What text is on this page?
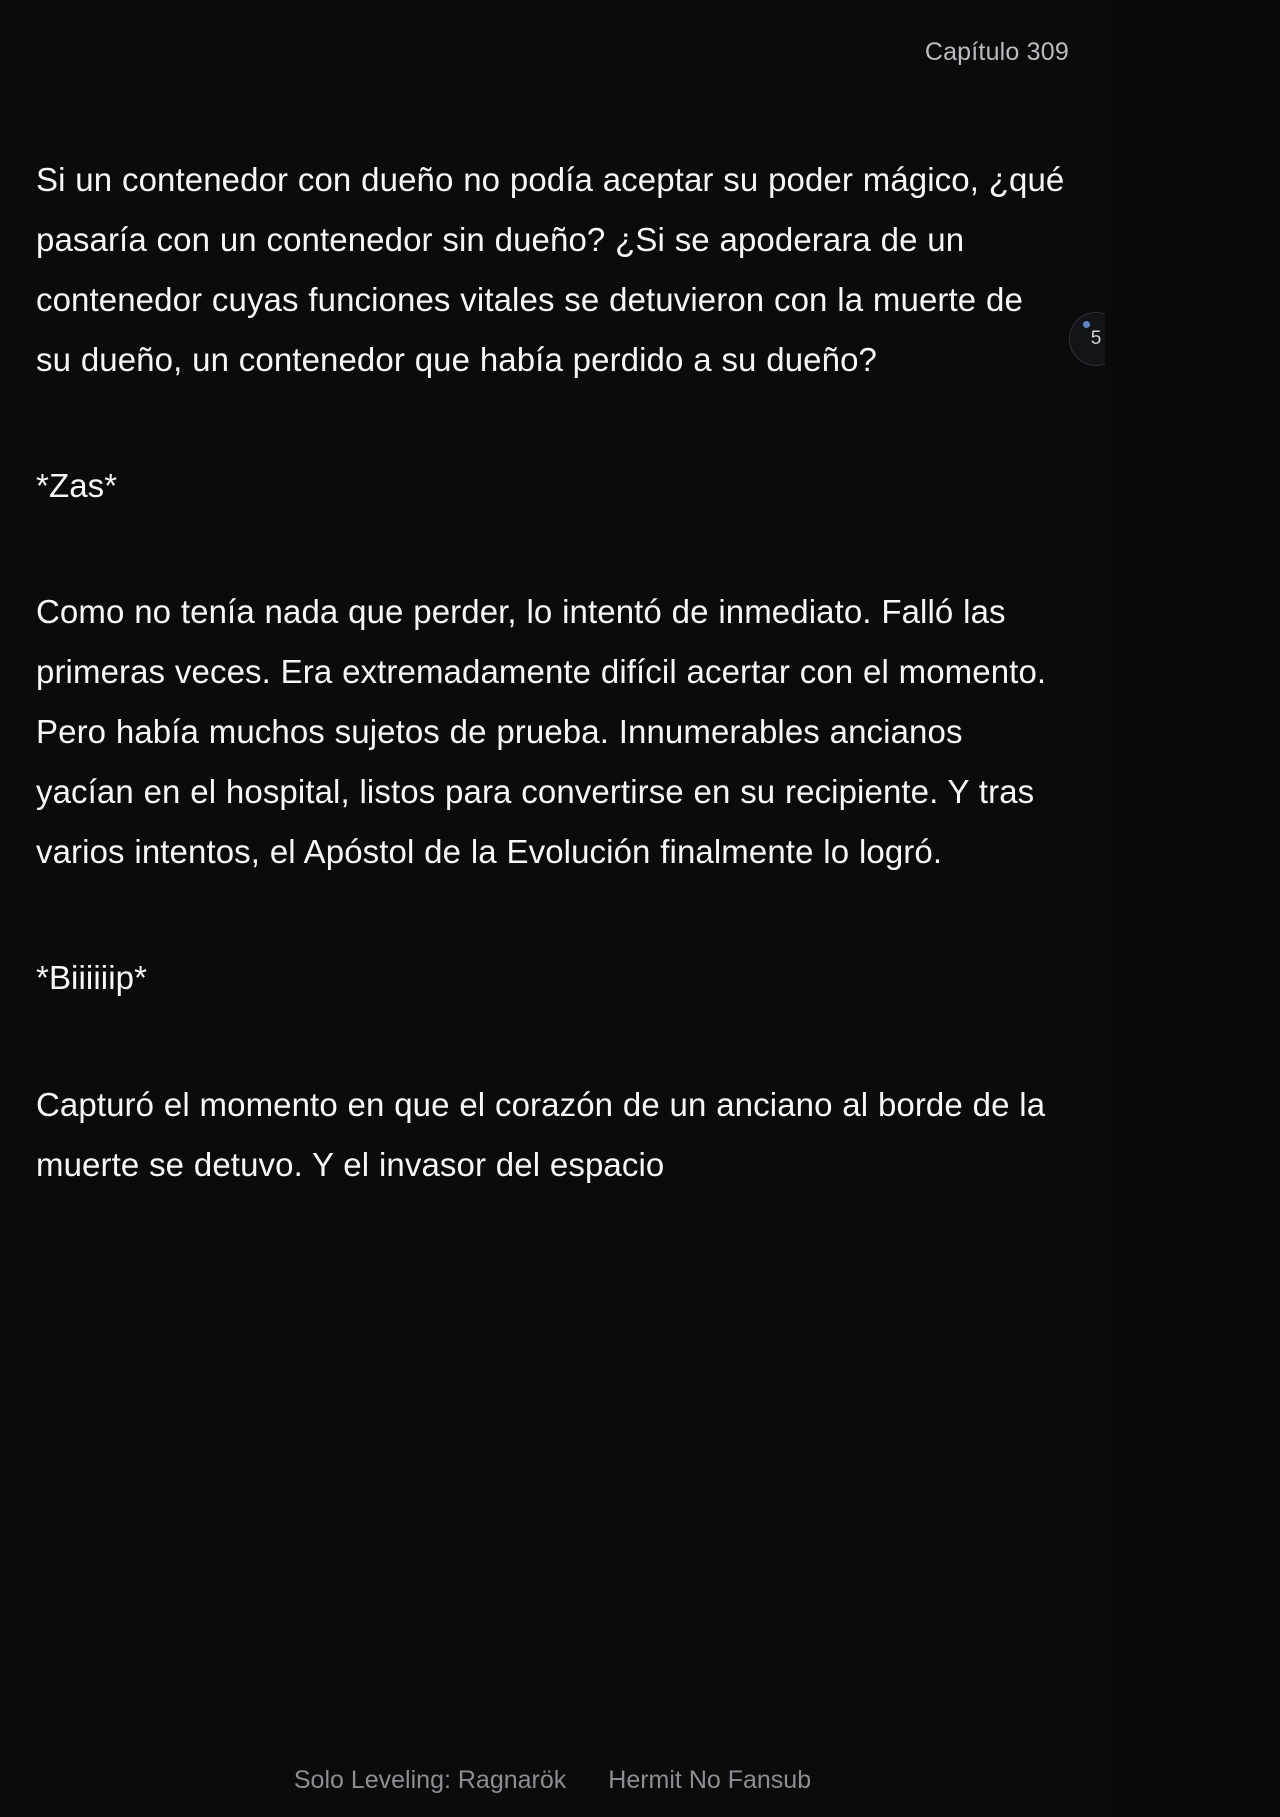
Capítulo 309
5

Si un contenedor con dueño no podía aceptar su poder mágico, ¿qué pasaría con un contenedor sin dueño? ¿Si se apoderara de un contenedor cuyas funciones vitales se detuvieron con la muerte de su dueño, un contenedor que había perdido a su dueño?

*Zas*

Como no tenía nada que perder, lo intentó de inmediato. Falló las primeras veces. Era extremadamente difícil acertar con el momento. Pero había muchos sujetos de prueba. Innumerables ancianos yacían en el hospital, listos para convertirse en su recipiente. Y tras varios intentos, el Apóstol de la Evolución finalmente lo logró.

*Biiiiiip*

Capturó el momento en que el corazón de un anciano al borde de la muerte se detuvo. Y el invasor del espacio

Solo Leveling: Ragnarök Hermit No Fansub
